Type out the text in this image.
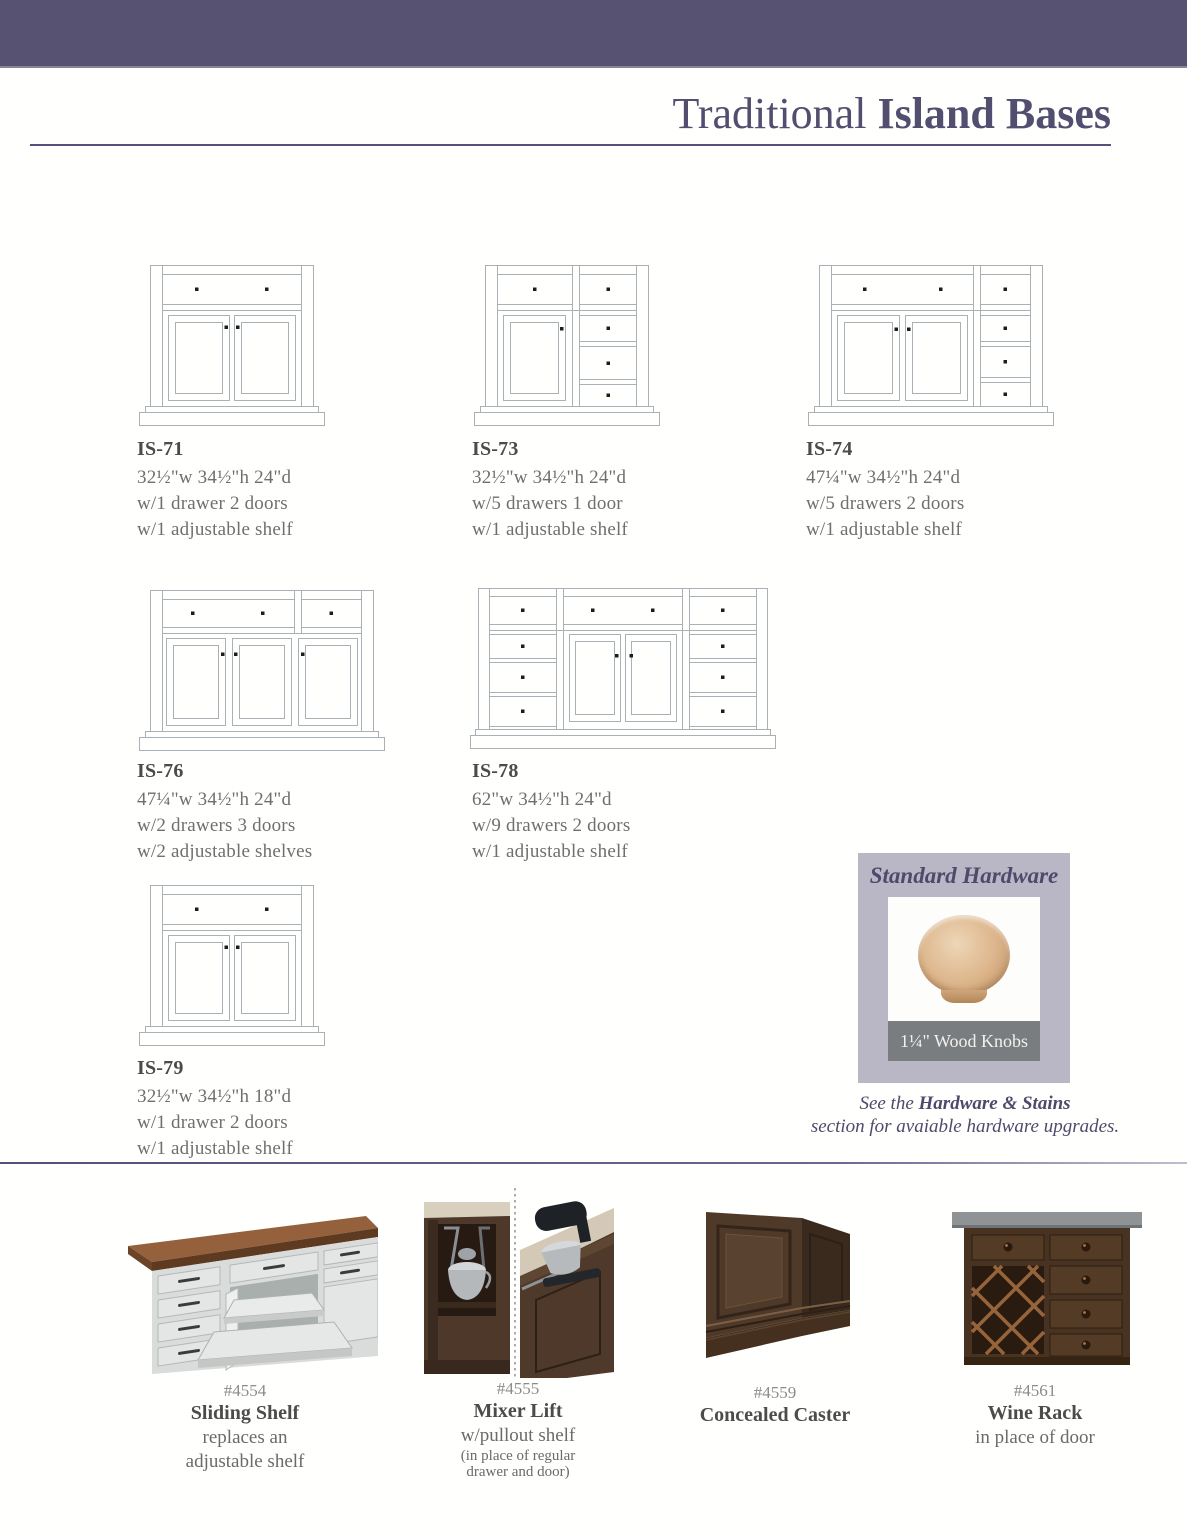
Traditional Island Bases
IS-71
32½"w 34½"h 24"d
w/1 drawer 2 doors
w/1 adjustable shelf
IS-73
32½"w 34½"h 24"d
w/5 drawers 1 door
w/1 adjustable shelf
IS-74
47¼"w 34½"h 24"d
w/5 drawers 2 doors
w/1 adjustable shelf
IS-76
47¼"w 34½"h 24"d
w/2 drawers 3 doors
w/2 adjustable shelves
IS-78
62"w 34½"h 24"d
w/9 drawers 2 doors
w/1 adjustable shelf
IS-79
32½"w 34½"h 18"d
w/1 drawer 2 doors
w/1 adjustable shelf
Standard Hardware
1¼" Wood Knobs
See the Hardware & Stains
section for avaiable hardware upgrades.
#4554
Sliding Shelf
replaces an
adjustable shelf
#4555
Mixer Lift
w/pullout shelf
(in place of regular
drawer and door)
#4559
Concealed Caster
#4561
Wine Rack
in place of door
